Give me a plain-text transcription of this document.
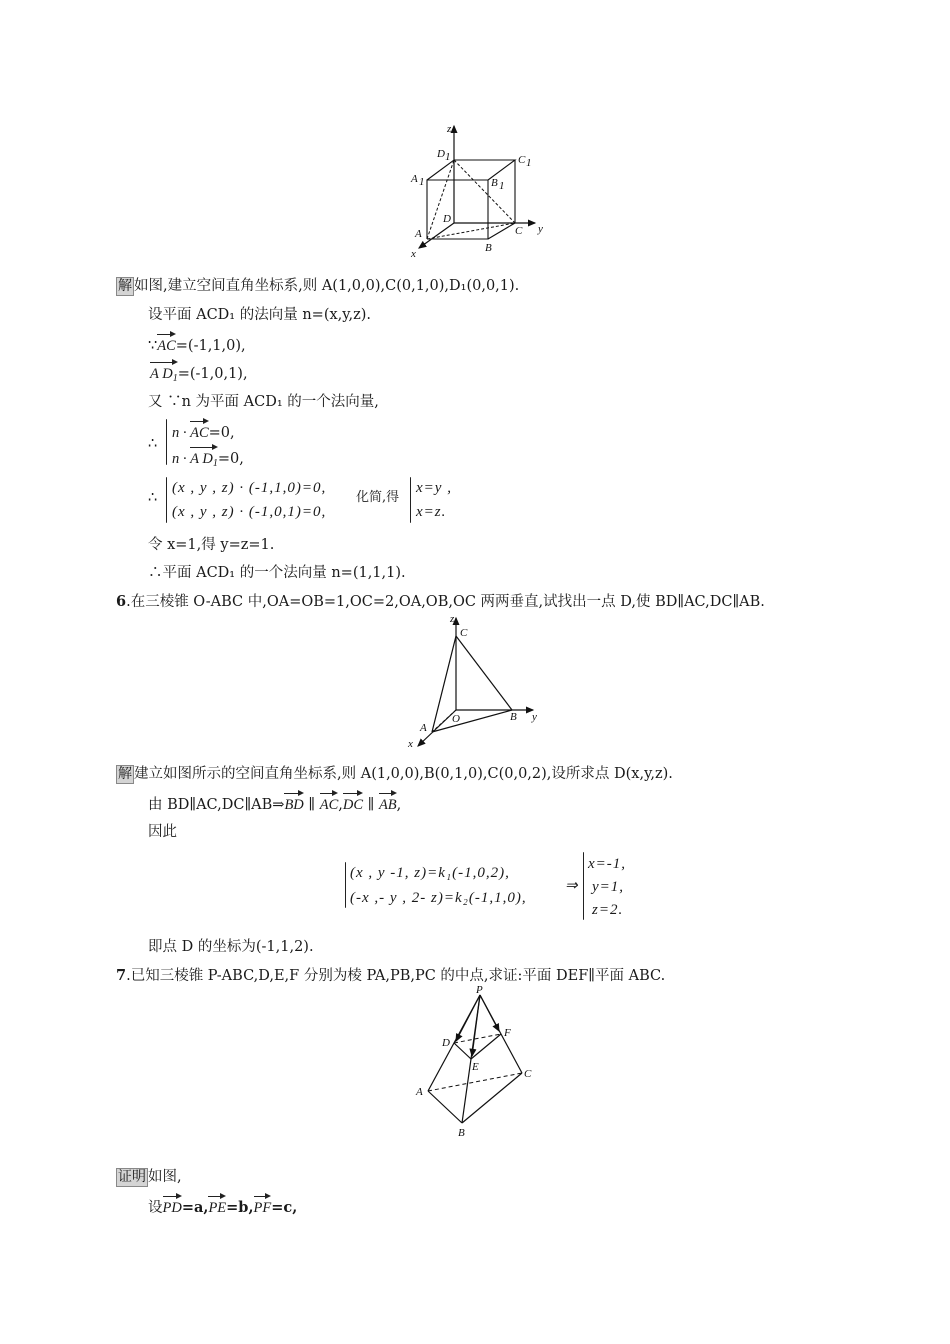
z
y
x
D 1	C 1
A 1	B 1
D
A
B
C
解 如图,建立空间直角坐标系,则 A(1,0,0),C(0,1,0),D₁(0,0,1).
设平面 ACD₁ 的法向量 n=(x,y,z).
∵AC=(-1,1,0),
A $D_1=(-1,0,1)$,
又 ∵n 为平面 ACD₁ 的一个法向量,
∴
n · AC=0,
n · A $D_1=0$,
∴
(x , y , z) · (-1,1,0)=0,
(x , y , z) · (-1,0,1)=0,
化简,得
x=y ,
x=z.
令 x=1,得 y=z=1.
∴平面 ACD₁ 的一个法向量 n=(1,1,1).
6.在三棱锥 O-ABC 中,OA=OB=1,OC=2,OA,OB,OC 两两垂直,试找出一点 D,使 BD∥AC,DC∥AB.
z
C
O	B y
A
x
解 建立如图所示的空间直角坐标系,则 A(1,0,0),B(0,1,0),C(0,0,2),设所求点 D(x,y,z).
由 BD∥AC,DC∥AB⇒BD ∥ AC,DC ∥ AB,
因此
(x , y -1, z)=k₁(-1,0,2),
(-x ,- y , 2- z)=k₂(-1,1,0),
⇒
x=-1,
y=1,
z=2.
即点 D 的坐标为(-1,1,2).
7.已知三棱锥 P-ABC,D,E,F 分别为棱 PA,PB,PC 的中点,求证:平面 DEF∥平面 ABC.
P
D
F
E
A
C
B
证明 如图,
设PD=a,PE=b,PF=c,
